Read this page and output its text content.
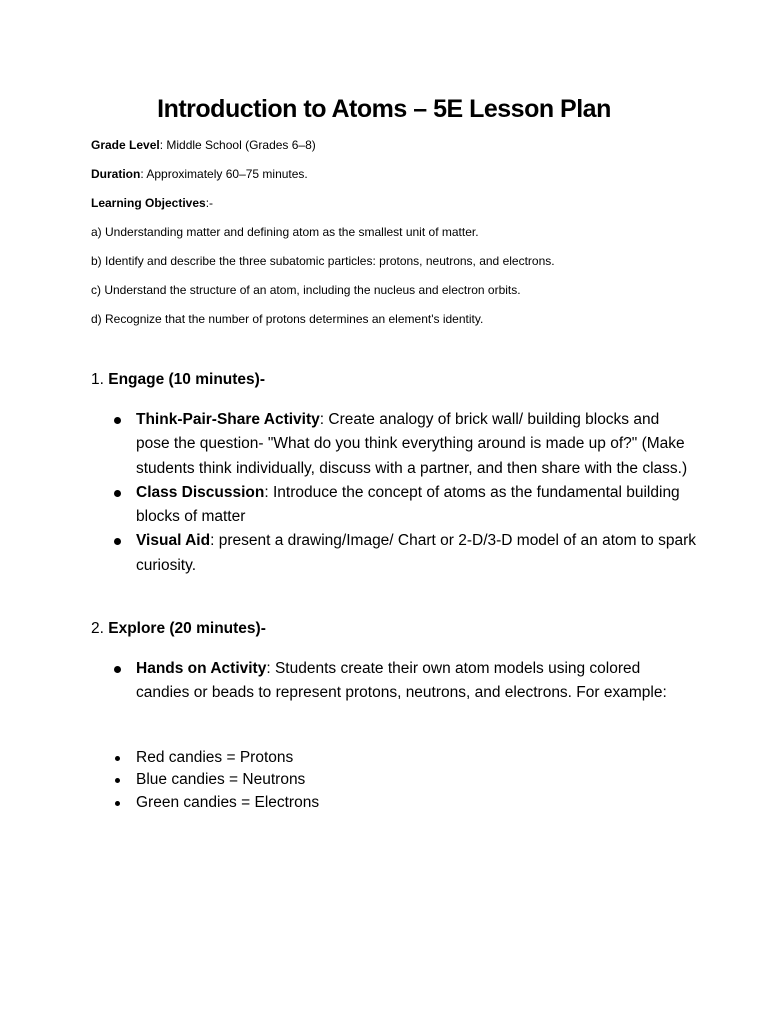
Introduction to Atoms – 5E Lesson Plan
Grade Level: Middle School (Grades 6–8)
Duration: Approximately 60–75 minutes.
Learning Objectives:-
a) Understanding matter and defining atom as the smallest unit of matter.
b) Identify and describe the three subatomic particles: protons, neutrons, and electrons.
c) Understand the structure of an atom, including the nucleus and electron orbits.
d) Recognize that the number of protons determines an element's identity.
1. Engage (10 minutes)-
Think-Pair-Share Activity: Create analogy of brick wall/ building blocks and pose the question- "What do you think everything around is made up of?" (Make students think individually, discuss with a partner, and then share with the class.)
Class Discussion: Introduce the concept of atoms as the fundamental building blocks of matter
Visual Aid: present a drawing/Image/ Chart or 2-D/3-D model of an atom to spark curiosity.
2. Explore (20 minutes)-
Hands on Activity: Students create their own atom models using colored candies or beads to represent protons, neutrons, and electrons. For example:
Red candies = Protons
Blue candies = Neutrons
Green candies = Electrons
